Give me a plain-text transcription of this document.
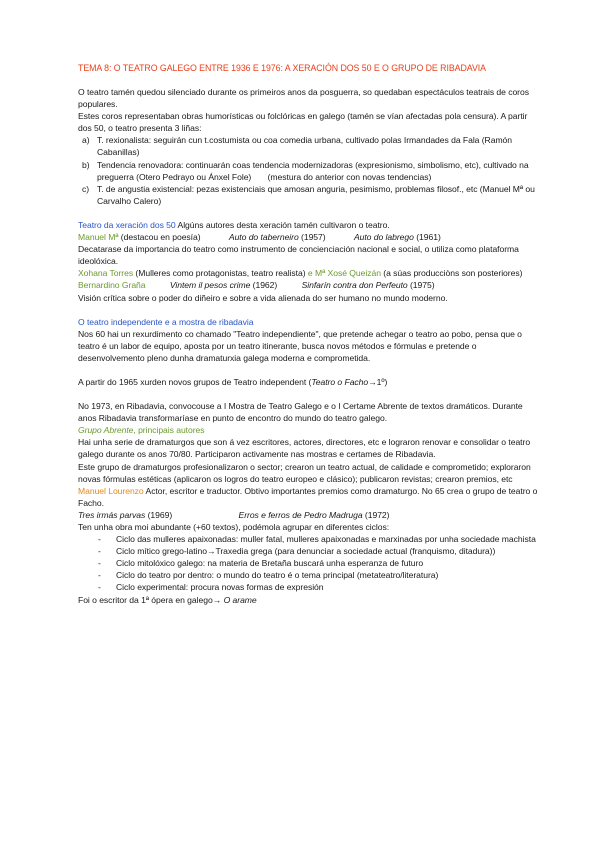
TEMA 8: O TEATRO GALEGO ENTRE 1936 E 1976: A XERACIÓN DOS 50 E O GRUPO DE RIBADAVIA

O teatro tamén quedou silenciado durante os primeiros anos da posguerra, so quedaban espectáculos teatrais de coros populares.

Estes coros representaban obras humorísticas ou folclóricas en galego (tamén se vían afectadas pola censura). A partir dos 50, o teatro presenta 3 liñas:

a) T. rexionalista: seguirán cun t.costumista ou coa comedia urbana, cultivado polas Irmandades da Fala (Ramón Cabanillas)
b) Tendencia renovadora: continuarán coas tendencia modernizadoras (expresionismo, simbolismo, etc), cultivado na preguerra (Otero Pedrayo ou Ánxel Fole) (mestura do anterior con novas tendencias)
c) T. de angustia existencial: pezas existenciais que amosan anguria, pesimismo, problemas filosof., etc (Manuel Mª ou Carvalho Calero)

Teatro da xeración dos 50 Algúns autores desta xeración tamén cultivaron o teatro.

Manuel Mª (destacou en poesía)	Auto do taberneiro (1957)	Auto do labrego (1961)

Decatarase da importancia do teatro como instrumento de concienciación nacional e social, o utiliza como plataforma ideolóxica.

Xohana Torres (Mulleres como protagonistas, teatro realista) e Mª Xosé Queizán (a súas producciòns son posteriores)

Bernardino Graña	Vintem il pesos crime (1962)	Sinfarín contra don Perfeuto (1975)

Visión crítica sobre o poder do diñeiro e sobre a vida alienada do ser humano no mundo moderno.

O teatro independente e a mostra de ribadavia

Nos 60 hai un rexurdimento co chamado "Teatro independiente", que pretende achegar o teatro ao pobo, pensa que o teatro é un labor de equipo, aposta por un teatro itinerante, busca novos métodos e fórmulas e pretende o desenvolvemento pleno dunha dramaturxia galega moderna e comprometida.

A partir do 1965 xurden novos grupos de Teatro independent (Teatro o Facho→1º)

No 1973, en Ribadavia, convocouse a I Mostra de Teatro Galego e o I Certame Abrente de textos dramáticos. Durante anos Ribadavia transformaríase en punto de encontro do mundo do teatro galego.

Grupo Abrente, principais autores

Hai unha serie de dramaturgos que son á vez escritores, actores, directores, etc e lograron renovar e consolidar o teatro galego durante os anos 70/80. Participaron activamente nas mostras e certames de Ribadavia.

Este grupo de dramaturgos profesionalizaron o sector; crearon un teatro actual, de calidade e comprometido; exploraron novas fórmulas estéticas (aplicaron os logros do teatro europeo e clásico); publicaron revistas; crearon premios, etc

Manuel Lourenzo Actor, escritor e traductor. Obtivo importantes premios como dramaturgo. No 65 crea o grupo de teatro o Facho.

Tres irmás parvas (1969)	Erros e ferros de Pedro Madruga (1972)

Ten unha obra moi abundante (+60 textos), podémola agrupar en diferentes ciclos:

- Ciclo das mulleres apaixonadas: muller fatal, mulleres apaixonadas e marxinadas por unha sociedade machista
- Ciclo mítico grego-latino→Traxedia grega (para denunciar a sociedade actual (franquismo, ditadura))
- Ciclo mitolóxico galego: na materia de Bretaña buscará unha esperanza de futuro
- Ciclo do teatro por dentro: o mundo do teatro é o tema principal (metateatro/literatura)
- Ciclo experimental: procura novas formas de expresión

Foi o escritor da 1ª ópera en galego→ O arame
